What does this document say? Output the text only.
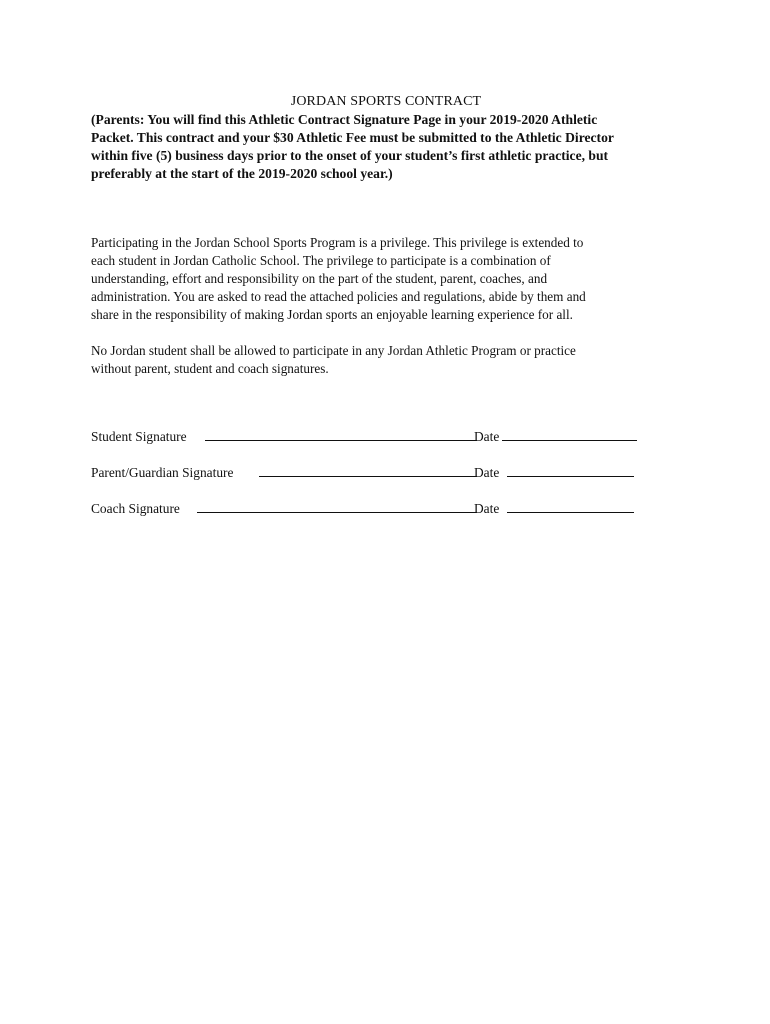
JORDAN SPORTS CONTRACT
(Parents: You will find this Athletic Contract Signature Page in your 2019-2020 Athletic
Packet. This contract and your $30 Athletic Fee must be submitted to the Athletic Director
within five (5) business days prior to the onset of your student’s first athletic practice, but
preferably at the start of the 2019-2020 school year.)
Participating in the Jordan School Sports Program is a privilege. This privilege is extended to
each student in Jordan Catholic School. The privilege to participate is a combination of
understanding, effort and responsibility on the part of the student, parent, coaches, and
administration. You are asked to read the attached policies and regulations, abide by them and
share in the responsibility of making Jordan sports an enjoyable learning experience for all.
No Jordan student shall be allowed to participate in any Jordan Athletic Program or practice
without parent, student and coach signatures.
Student Signature	Date
Parent/Guardian Signature	Date
Coach Signature	Date
